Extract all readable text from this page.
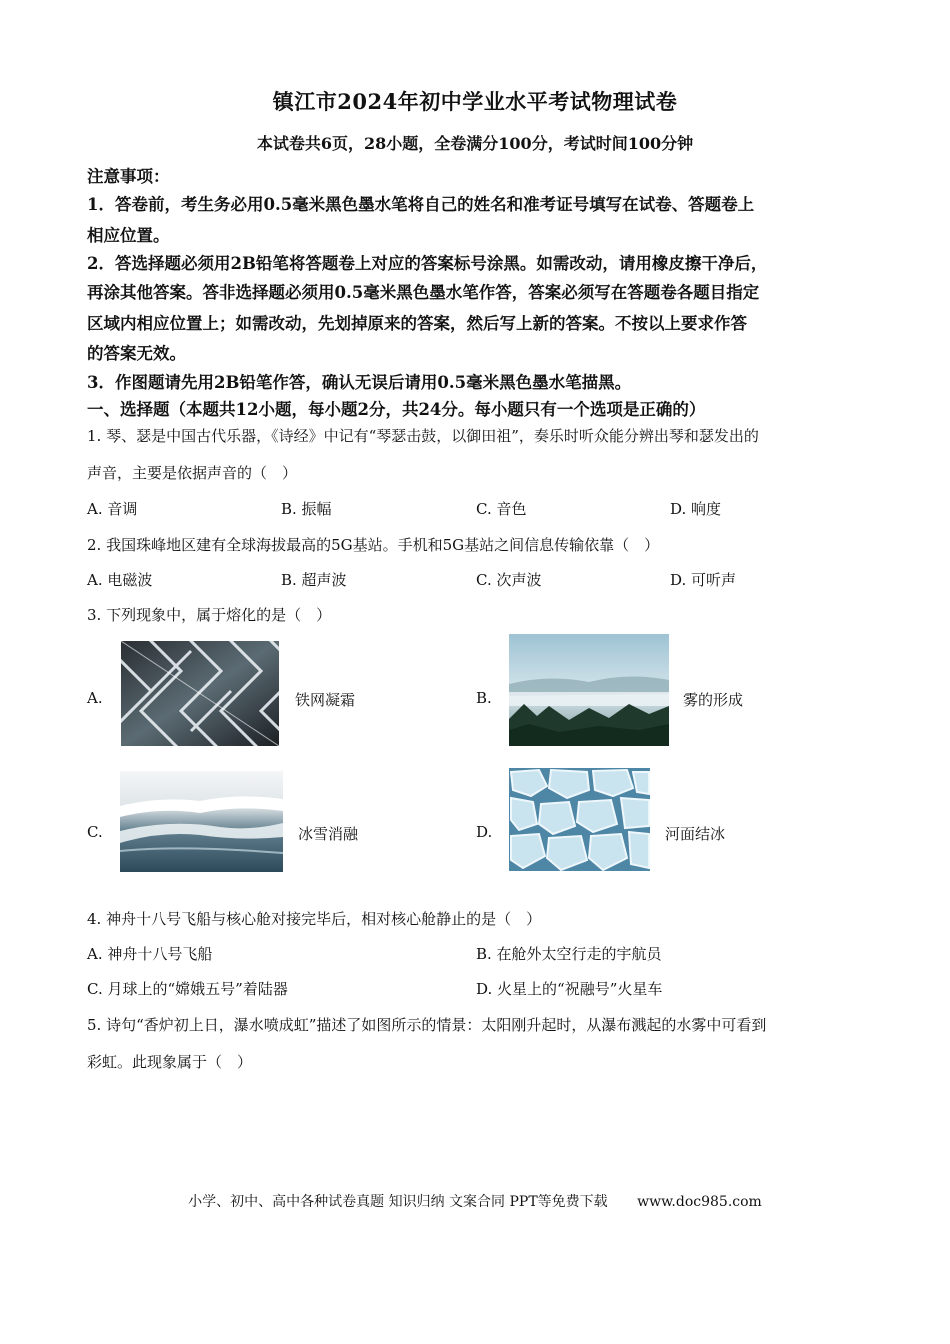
镇江市2024年初中学业水平考试物理试卷
本试卷共6页，28小题，全卷满分100分，考试时间100分钟
注意事项：
1．答卷前，考生务必用0.5毫米黑色墨水笔将自己的姓名和准考证号填写在试卷、答题卷上
相应位置。
2．答选择题必须用2B铅笔将答题卷上对应的答案标号涂黑。如需改动，请用橡皮擦干净后，
再涂其他答案。答非选择题必须用0.5毫米黑色墨水笔作答，答案必须写在答题卷各题目指定
区域内相应位置上；如需改动，先划掉原来的答案，然后写上新的答案。不按以上要求作答
的答案无效。
3．作图题请先用2B铅笔作答，确认无误后请用0.5毫米黑色墨水笔描黑。
一、选择题（本题共12小题，每小题2分，共24分。每小题只有一个选项是正确的）
1. 琴、瑟是中国古代乐器，《诗经》中记有“琴瑟击鼓，以御田祖”，奏乐时听众能分辨出琴和瑟发出的
声音，主要是依据声音的（　）
A. 音调	B. 振幅	C. 音色	D. 响度
2. 我国珠峰地区建有全球海拔最高的5G基站。手机和5G基站之间信息传输依靠（　）
A. 电磁波	B. 超声波	C. 次声波	D. 可听声
3. 下列现象中，属于熔化的是（　）
A.	铁网凝霜	B.	雾的形成
C.	冰雪消融	D.	河面结冰
4. 神舟十八号飞船与核心舱对接完毕后，相对核心舱静止的是（　）
A. 神舟十八号飞船	B. 在舱外太空行走的宇航员
C. 月球上的“嫦娥五号”着陆器	D. 火星上的“祝融号”火星车
5. 诗句“香炉初上日，瀑水喷成虹”描述了如图所示的情景：太阳刚升起时，从瀑布溅起的水雾中可看到
彩虹。此现象属于（　）
小学、初中、高中各种试卷真题 知识归纳 文案合同 PPT等免费下载 www.doc985.com
